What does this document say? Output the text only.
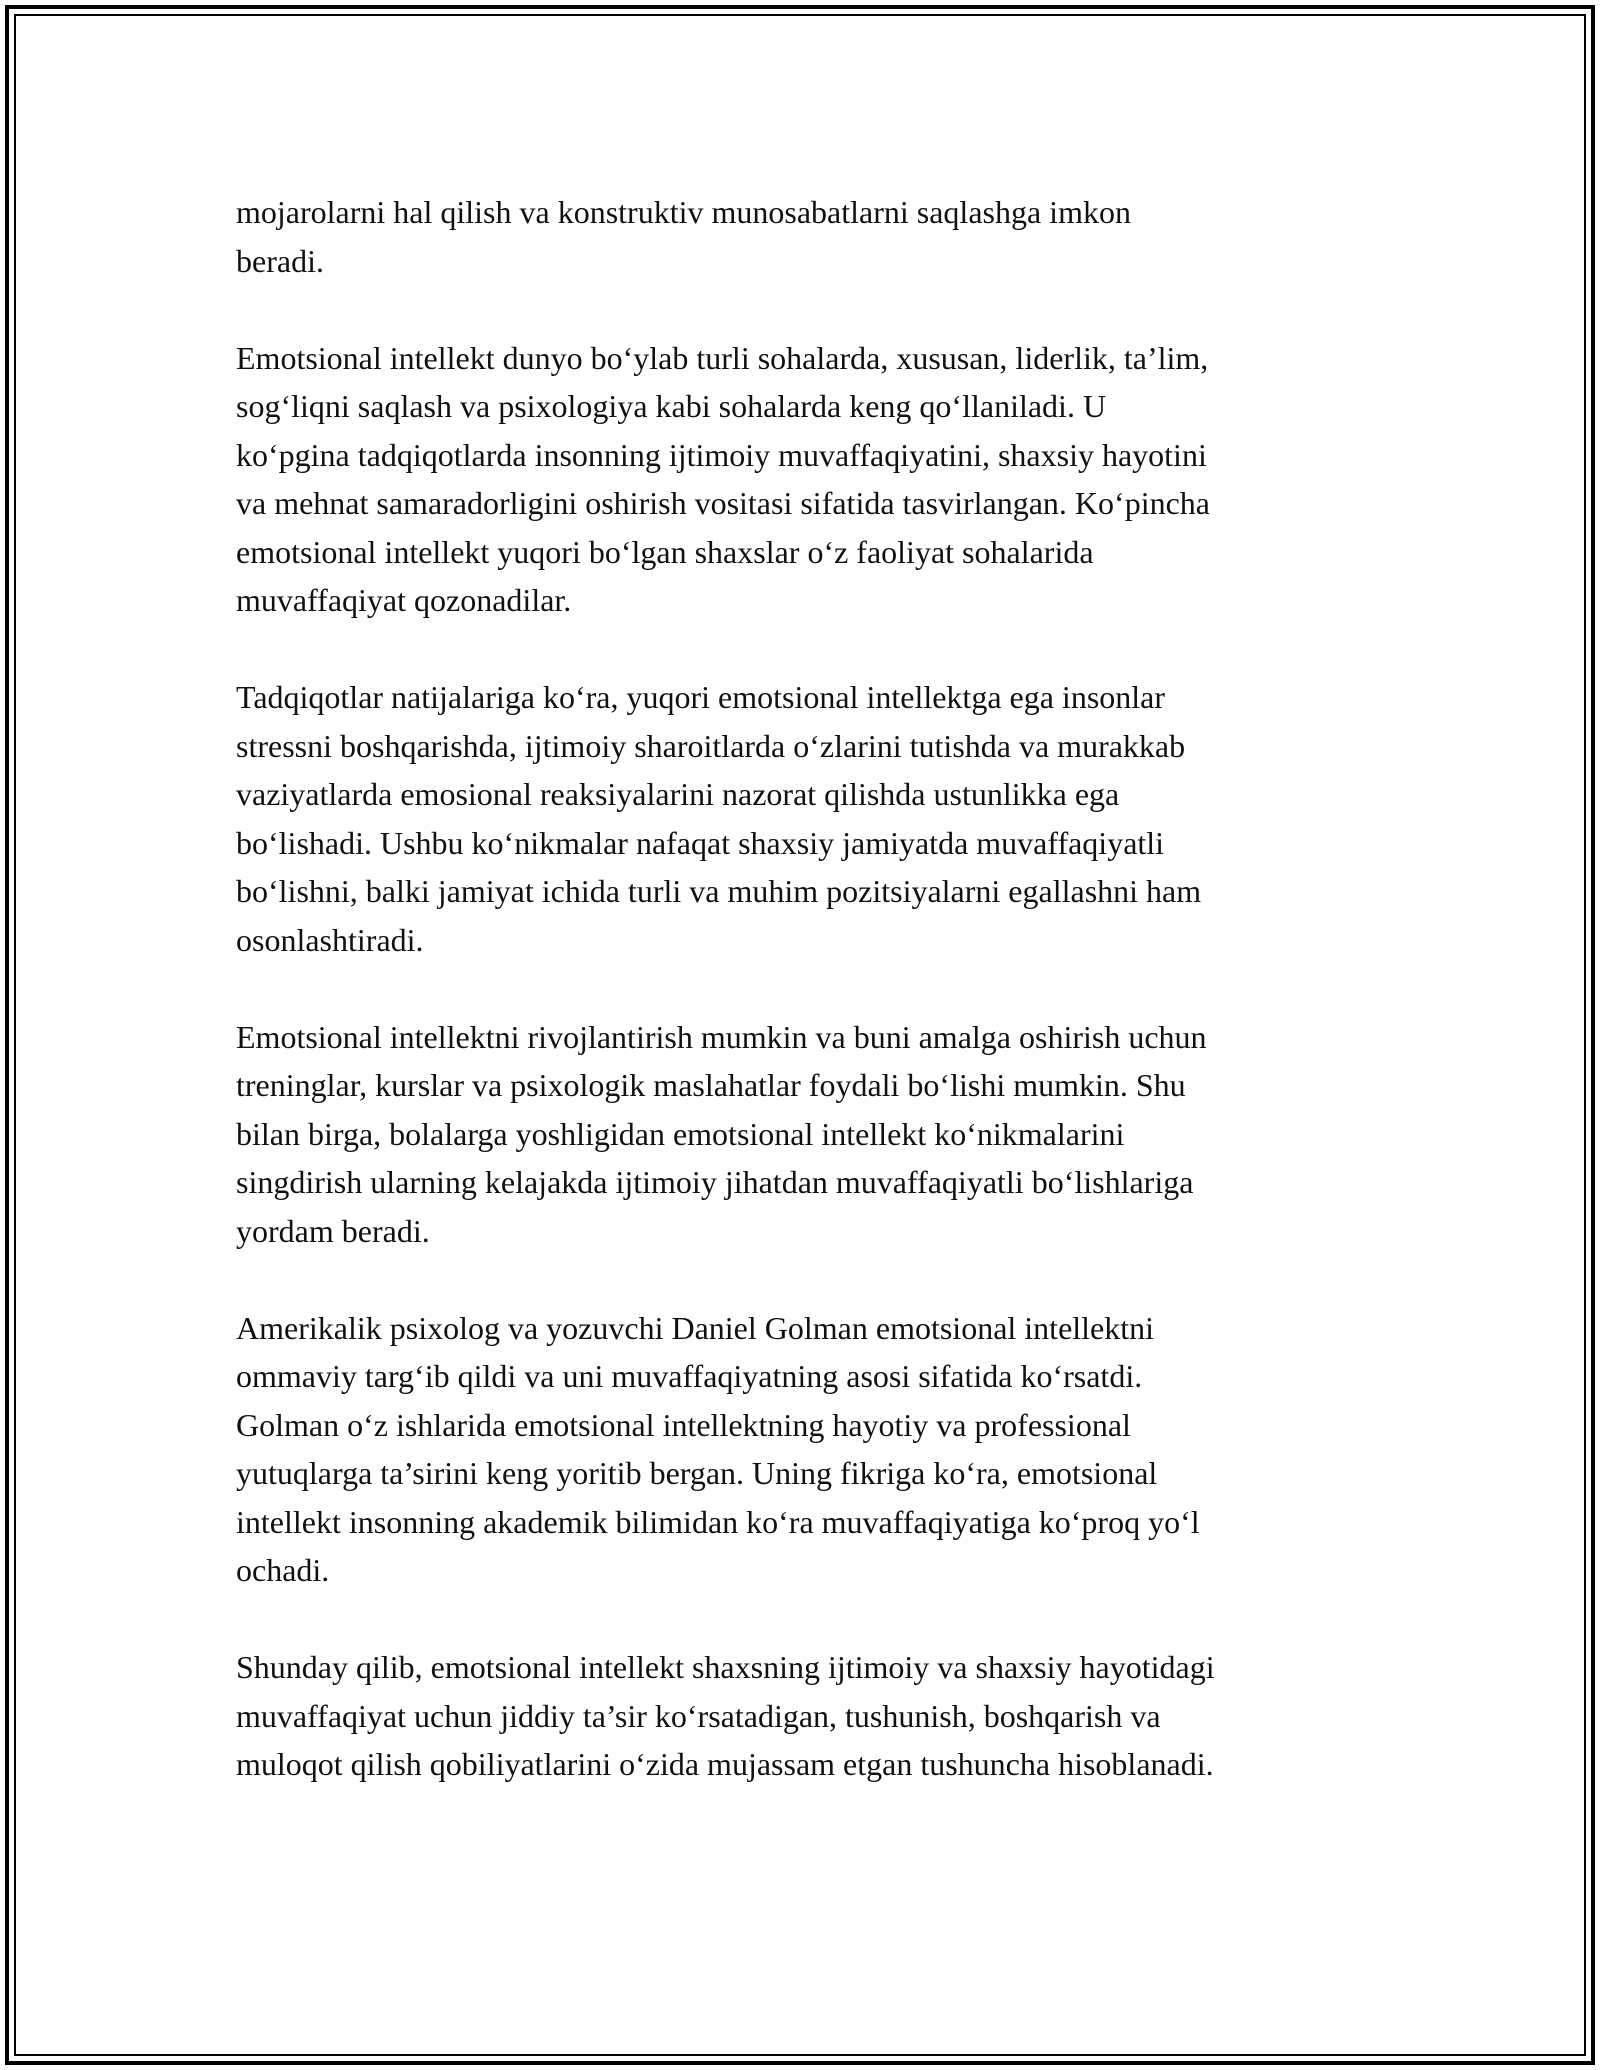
mojarolarni hal qilish va konstruktiv munosabatlarni saqlashga imkon
beradi.

Emotsional intellekt dunyo bo‘ylab turli sohalarda, xususan, liderlik, ta’lim,
sog‘liqni saqlash va psixologiya kabi sohalarda keng qo‘llaniladi. U
ko‘pgina tadqiqotlarda insonning ijtimoiy muvaffaqiyatini, shaxsiy hayotini
va mehnat samaradorligini oshirish vositasi sifatida tasvirlangan. Ko‘pincha
emotsional intellekt yuqori bo‘lgan shaxslar o‘z faoliyat sohalarida
muvaffaqiyat qozonadilar.

Tadqiqotlar natijalariga ko‘ra, yuqori emotsional intellektga ega insonlar
stressni boshqarishda, ijtimoiy sharoitlarda o‘zlarini tutishda va murakkab
vaziyatlarda emosional reaksiyalarini nazorat qilishda ustunlikka ega
bo‘lishadi. Ushbu ko‘nikmalar nafaqat shaxsiy jamiyatda muvaffaqiyatli
bo‘lishni, balki jamiyat ichida turli va muhim pozitsiyalarni egallashni ham
osonlashtiradi.

Emotsional intellektni rivojlantirish mumkin va buni amalga oshirish uchun
treninglar, kurslar va psixologik maslahatlar foydali bo‘lishi mumkin. Shu
bilan birga, bolalarga yoshligidan emotsional intellekt ko‘nikmalarini
singdirish ularning kelajakda ijtimoiy jihatdan muvaffaqiyatli bo‘lishlariga
yordam beradi.

Amerikalik psixolog va yozuvchi Daniel Golman emotsional intellektni
ommaviy targ‘ib qildi va uni muvaffaqiyatning asosi sifatida ko‘rsatdi.
Golman o‘z ishlarida emotsional intellektning hayotiy va professional
yutuqlarga ta’sirini keng yoritib bergan. Uning fikriga ko‘ra, emotsional
intellekt insonning akademik bilimidan ko‘ra muvaffaqiyatiga ko‘proq yo‘l
ochadi.

Shunday qilib, emotsional intellekt shaxsning ijtimoiy va shaxsiy hayotidagi
muvaffaqiyat uchun jiddiy ta’sir ko‘rsatadigan, tushunish, boshqarish va
muloqot qilish qobiliyatlarini o‘zida mujassam etgan tushuncha hisoblanadi.
